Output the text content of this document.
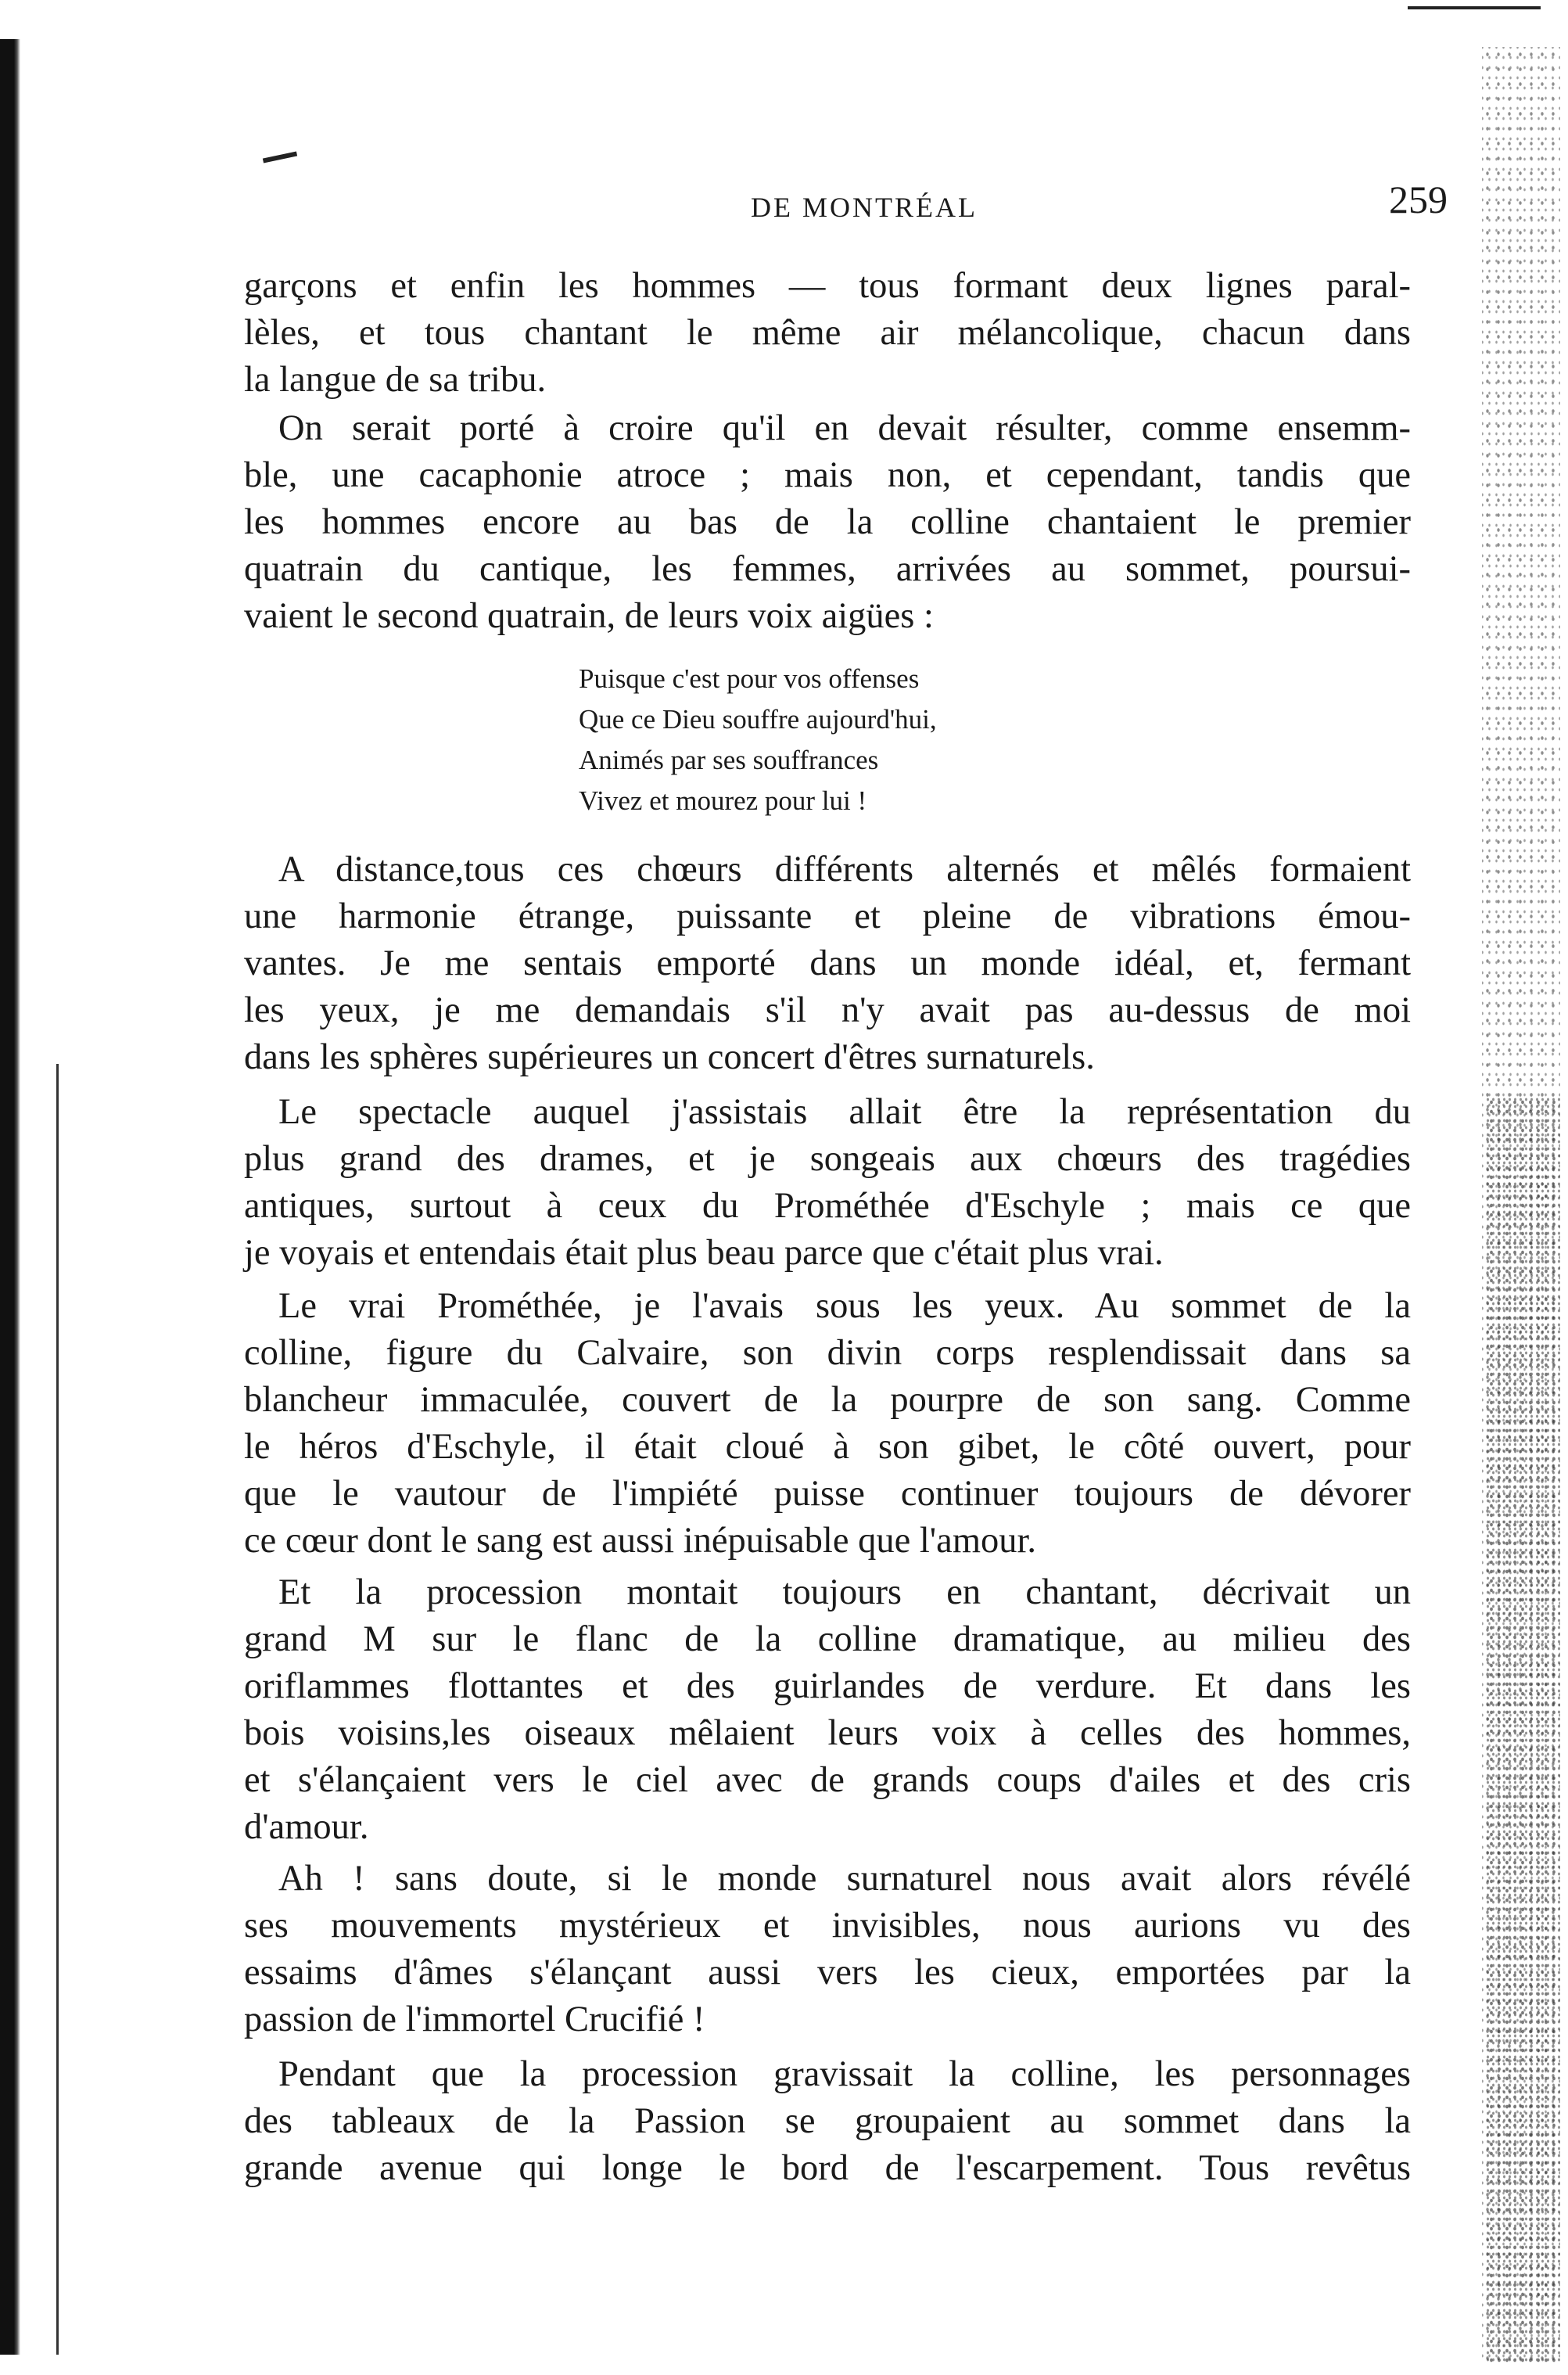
DE MONTRÉAL	259
garçons et enfin les hommes — tous formant deux lignes paral-
lèles, et tous chantant le même air mélancolique, chacun dans
la langue de sa tribu.
On serait porté à croire qu'il en devait résulter, comme ensemm-
ble, une cacaphonie atroce ; mais non, et cependant, tandis que
les hommes encore au bas de la colline chantaient le premier
quatrain du cantique, les femmes, arrivées au sommet, poursui-
vaient le second quatrain, de leurs voix aigües :
Puisque c'est pour vos offenses
Que ce Dieu souffre aujourd'hui,
Animés par ses souffrances
Vivez et mourez pour lui !
A distance,tous ces chœurs différents alternés et mêlés formaient
une harmonie étrange, puissante et pleine de vibrations émou-
vantes. Je me sentais emporté dans un monde idéal, et, fermant
les yeux, je me demandais s'il n'y avait pas au-dessus de moi
dans les sphères supérieures un concert d'êtres surnaturels.
Le spectacle auquel j'assistais allait être la représentation du
plus grand des drames, et je songeais aux chœurs des tragédies
antiques, surtout à ceux du Prométhée d'Eschyle ; mais ce que
je voyais et entendais était plus beau parce que c'était plus vrai.
Le vrai Prométhée, je l'avais sous les yeux. Au sommet de la
colline, figure du Calvaire, son divin corps resplendissait dans sa
blancheur immaculée, couvert de la pourpre de son sang. Comme
le héros d'Eschyle, il était cloué à son gibet, le côté ouvert, pour
que le vautour de l'impiété puisse continuer toujours de dévorer
ce cœur dont le sang est aussi inépuisable que l'amour.
Et la procession montait toujours en chantant, décrivait un
grand M sur le flanc de la colline dramatique, au milieu des
oriflammes flottantes et des guirlandes de verdure. Et dans les
bois voisins,les oiseaux mêlaient leurs voix à celles des hommes,
et s'élançaient vers le ciel avec de grands coups d'ailes et des cris
d'amour.
Ah ! sans doute, si le monde surnaturel nous avait alors révélé
ses mouvements mystérieux et invisibles, nous aurions vu des
essaims d'âmes s'élançant aussi vers les cieux, emportées par la
passion de l'immortel Crucifié !
Pendant que la procession gravissait la colline, les personnages
des tableaux de la Passion se groupaient au sommet dans la
grande avenue qui longe le bord de l'escarpement. Tous revêtus
